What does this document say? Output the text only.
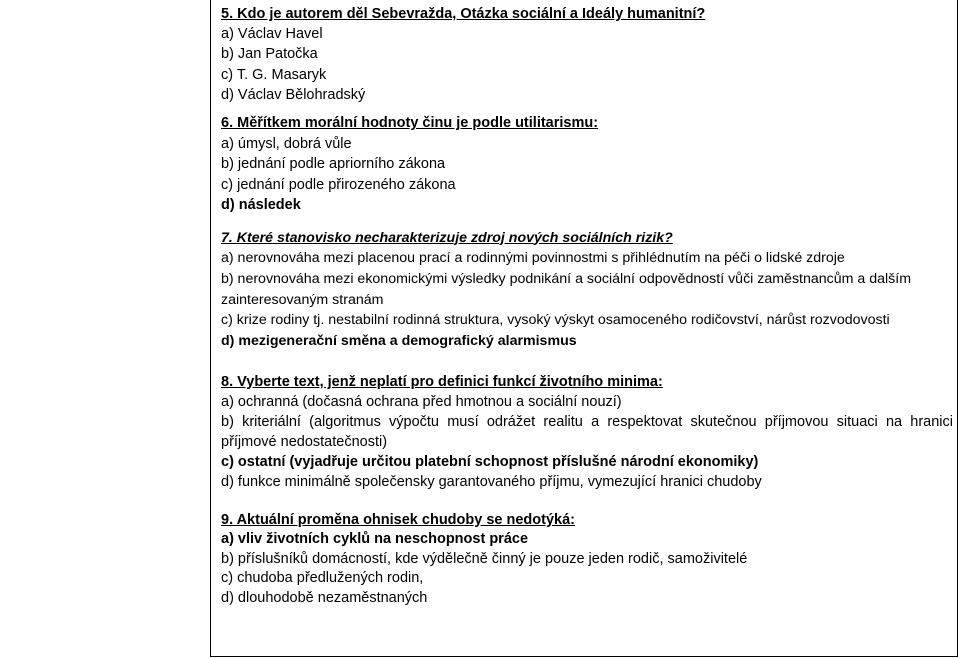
5. Kdo je autorem děl Sebevražda, Otázka sociální a Ideály humanitní?
a) Václav Havel
b) Jan Patočka
c) T. G. Masaryk
d) Václav Bělohradský
6. Měřítkem morální hodnoty činu je podle utilitarismu:
a) úmysl, dobrá vůle
b) jednání podle apriorního zákona
c) jednání podle přirozeného zákona
d) následek
7. Které stanovisko necharakterizuje zdroj nových sociálních rizik?
a) nerovnováha mezi placenou prací a rodinnými povinnostmi s přihlédnutím na péči o lidské zdroje
b) nerovnováha mezi ekonomickými výsledky podnikání a sociální odpovědností vůči zaměstnancům a dalším zainteresovaným stranám
c) krize rodiny tj. nestabilní rodinná struktura, vysoký výskyt osamoceného rodičovství, nárůst rozvodovosti
d) mezigenerační směna a demografický alarmismus
8. Vyberte text, jenž neplatí pro definici funkcí životního minima:
a) ochranná (dočasná ochrana před hmotnou a sociální nouzí)
b) kriteriální (algoritmus výpočtu musí odrážet realitu a respektovat skutečnou příjmovou situaci na hranici příjmové nedostatečnosti)
c) ostatní (vyjadřuje určitou platební schopnost příslušné národní ekonomiky)
d) funkce minimálně společensky garantovaného příjmu, vymezující hranici chudoby
9. Aktuální proměna ohnisek chudoby se nedotýká:
a) vliv životních cyklů na neschopnost práce
b) příslušníků domácností, kde výdělečně činný je pouze jeden rodič, samoživitelé
c) chudoba předlužených rodin,
d) dlouhodobě nezaměstnaných
